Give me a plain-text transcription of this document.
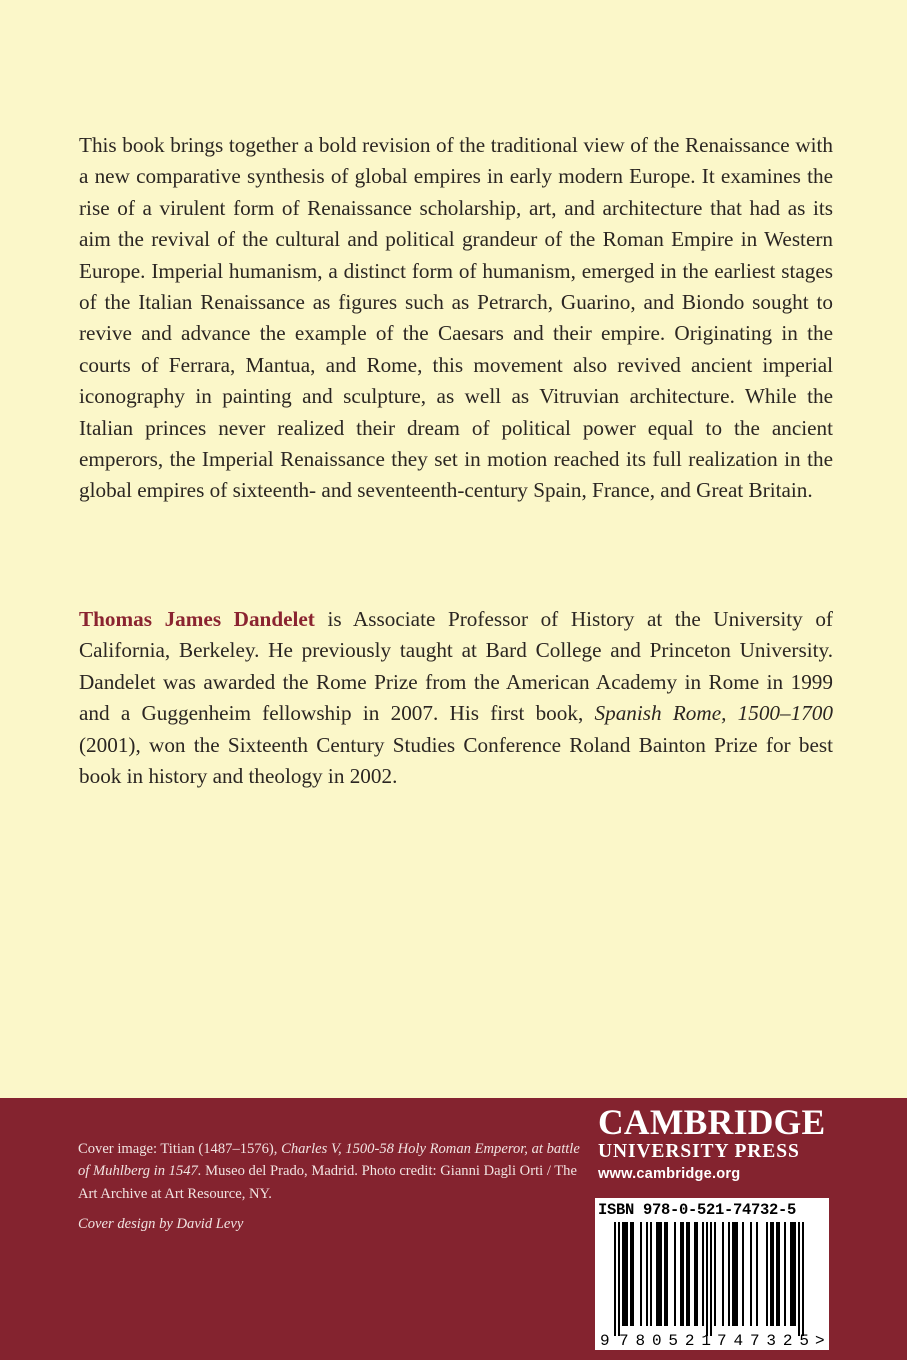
This book brings together a bold revision of the traditional view of the Renaissance with a new comparative synthesis of global empires in early modern Europe. It examines the rise of a virulent form of Renaissance scholarship, art, and architecture that had as its aim the revival of the cultural and political grandeur of the Roman Empire in Western Europe. Imperial humanism, a distinct form of humanism, emerged in the earliest stages of the Italian Renaissance as figures such as Petrarch, Guarino, and Biondo sought to revive and advance the example of the Caesars and their empire. Originating in the courts of Ferrara, Mantua, and Rome, this movement also revived ancient imperial iconography in painting and sculpture, as well as Vitruvian architecture. While the Italian princes never realized their dream of political power equal to the ancient emperors, the Imperial Renaissance they set in motion reached its full realization in the global empires of sixteenth- and seventeenth-century Spain, France, and Great Britain.

Thomas James Dandelet is Associate Professor of History at the University of California, Berkeley. He previously taught at Bard College and Princeton University. Dandelet was awarded the Rome Prize from the American Academy in Rome in 1999 and a Guggenheim fellowship in 2007. His first book, Spanish Rome, 1500–1700 (2001), won the Sixteenth Century Studies Conference Roland Bainton Prize for best book in history and theology in 2002.

Cover image: Titian (1487–1576), Charles V, 1500-58 Holy Roman Emperor, at battle of Muhlberg in 1547. Museo del Prado, Madrid. Photo credit: Gianni Dagli Orti / The Art Archive at Art Resource, NY.

Cover design by David Levy

CAMBRIDGE
UNIVERSITY PRESS
www.cambridge.org
ISBN 978-0-521-74732-5
9 780521 747325 >
